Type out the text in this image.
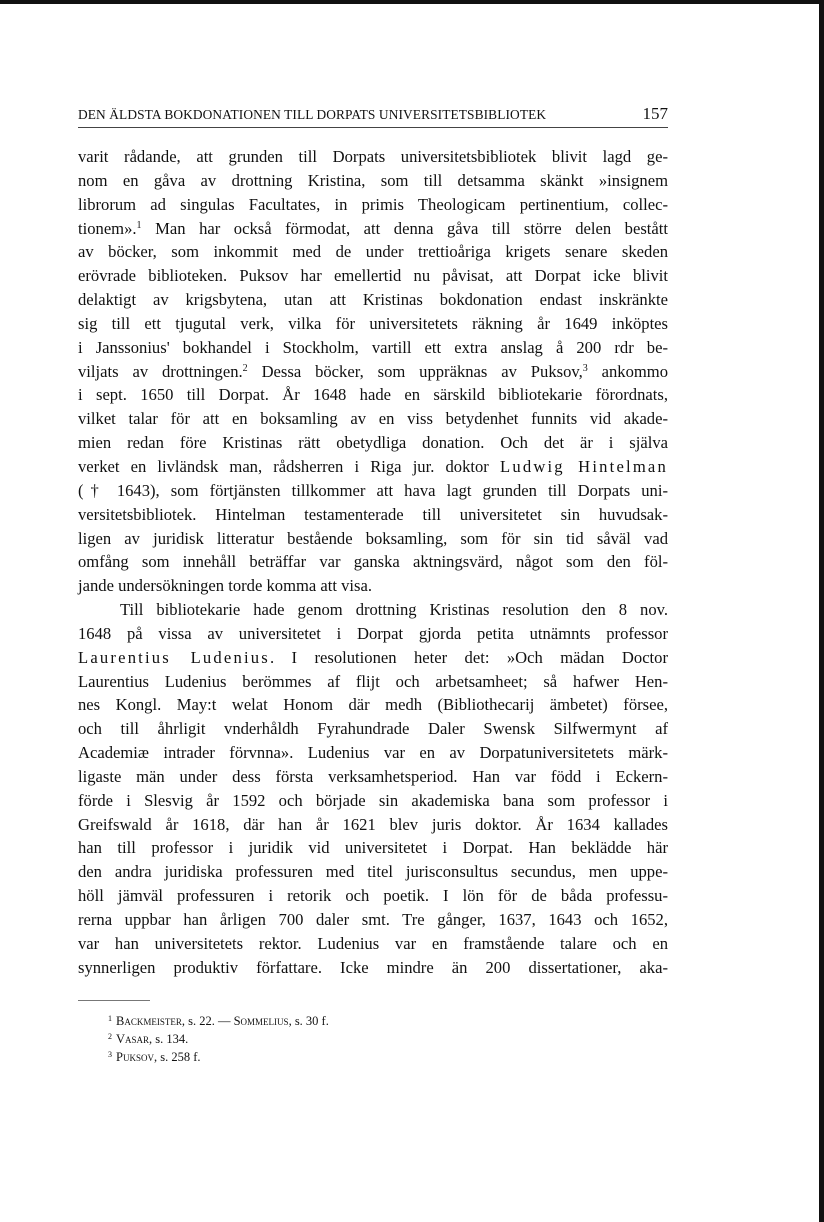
DEN ÄLDSTA BOKDONATIONEN TILL DORPATS UNIVERSITETSBIBLIOTEK	157
varit rådande, att grunden till Dorpats universitetsbibliotek blivit lagd ge-
nom en gåva av drottning Kristina, som till detsamma skänkt »insignem
librorum ad singulas Facultates, in primis Theologicam pertinentium, collec-
tionem».$^1$ Man har också förmodat, att denna gåva till större delen bestått
av böcker, som inkommit med de under trettioåriga krigets senare skeden
erövrade biblioteken. Puksov har emellertid nu påvisat, att Dorpat icke blivit
delaktigt av krigsbytena, utan att Kristinas bokdonation endast inskränkte
sig till ett tjugutal verk, vilka för universitetets räkning år 1649 inköptes
i Janssonius' bokhandel i Stockholm, vartill ett extra anslag å 200 rdr be-
viljats av drottningen.$^2$ Dessa böcker, som uppräknas av Puksov,$^3$ ankommo
i sept. 1650 till Dorpat. År 1648 hade en särskild bibliotekarie förordnats,
vilket talar för att en boksamling av en viss betydenhet funnits vid akade-
mien redan före Kristinas rätt obetydliga donation. Och det är i själva
verket en livländsk man, rådsherren i Riga jur. doktor Ludwig Hintelman
(† 1643), som förtjänsten tillkommer att hava lagt grunden till Dorpats uni-
versitetsbibliotek. Hintelman testamenterade till universitetet sin huvudsak-
ligen av juridisk litteratur bestående boksamling, som för sin tid såväl vad
omfång som innehåll beträffar var ganska aktningsvärd, något som den föl-
jande undersökningen torde komma att visa.
Till bibliotekarie hade genom drottning Kristinas resolution den 8 nov.
1648 på vissa av universitetet i Dorpat gjorda petita utnämnts professor
Laurentius Ludenius. I resolutionen heter det: »Och mädan Doctor
Laurentius Ludenius berömmes af flijt och arbetsamheet; så hafwer Hen-
nes Kongl. May:t welat Honom där medh (Bibliothecarij ämbetet) försee,
och till åhrligit vnderhåldh Fyrahundrade Daler Swensk Silfwermynt af
Academiæ intrader förvnna». Ludenius var en av Dorpatuniversitetets märk-
ligaste män under dess första verksamhetsperiod. Han var född i Eckern-
förde i Slesvig år 1592 och började sin akademiska bana som professor i
Greifswald år 1618, där han år 1621 blev juris doktor. År 1634 kallades
han till professor i juridik vid universitetet i Dorpat. Han beklädde här
den andra juridiska professuren med titel jurisconsultus secundus, men uppe-
höll jämväl professuren i retorik och poetik. I lön för de båda professu-
rerna uppbar han årligen 700 daler smt. Tre gånger, 1637, 1643 och 1652,
var han universitetets rektor. Ludenius var en framstående talare och en
synnerligen produktiv författare. Icke mindre än 200 dissertationer, aka-
$^1$ Backmeister, s. 22. — Sommelius, s. 30 f.
$^2$ Vasar, s. 134.
$^3$ Puksov, s. 258 f.
